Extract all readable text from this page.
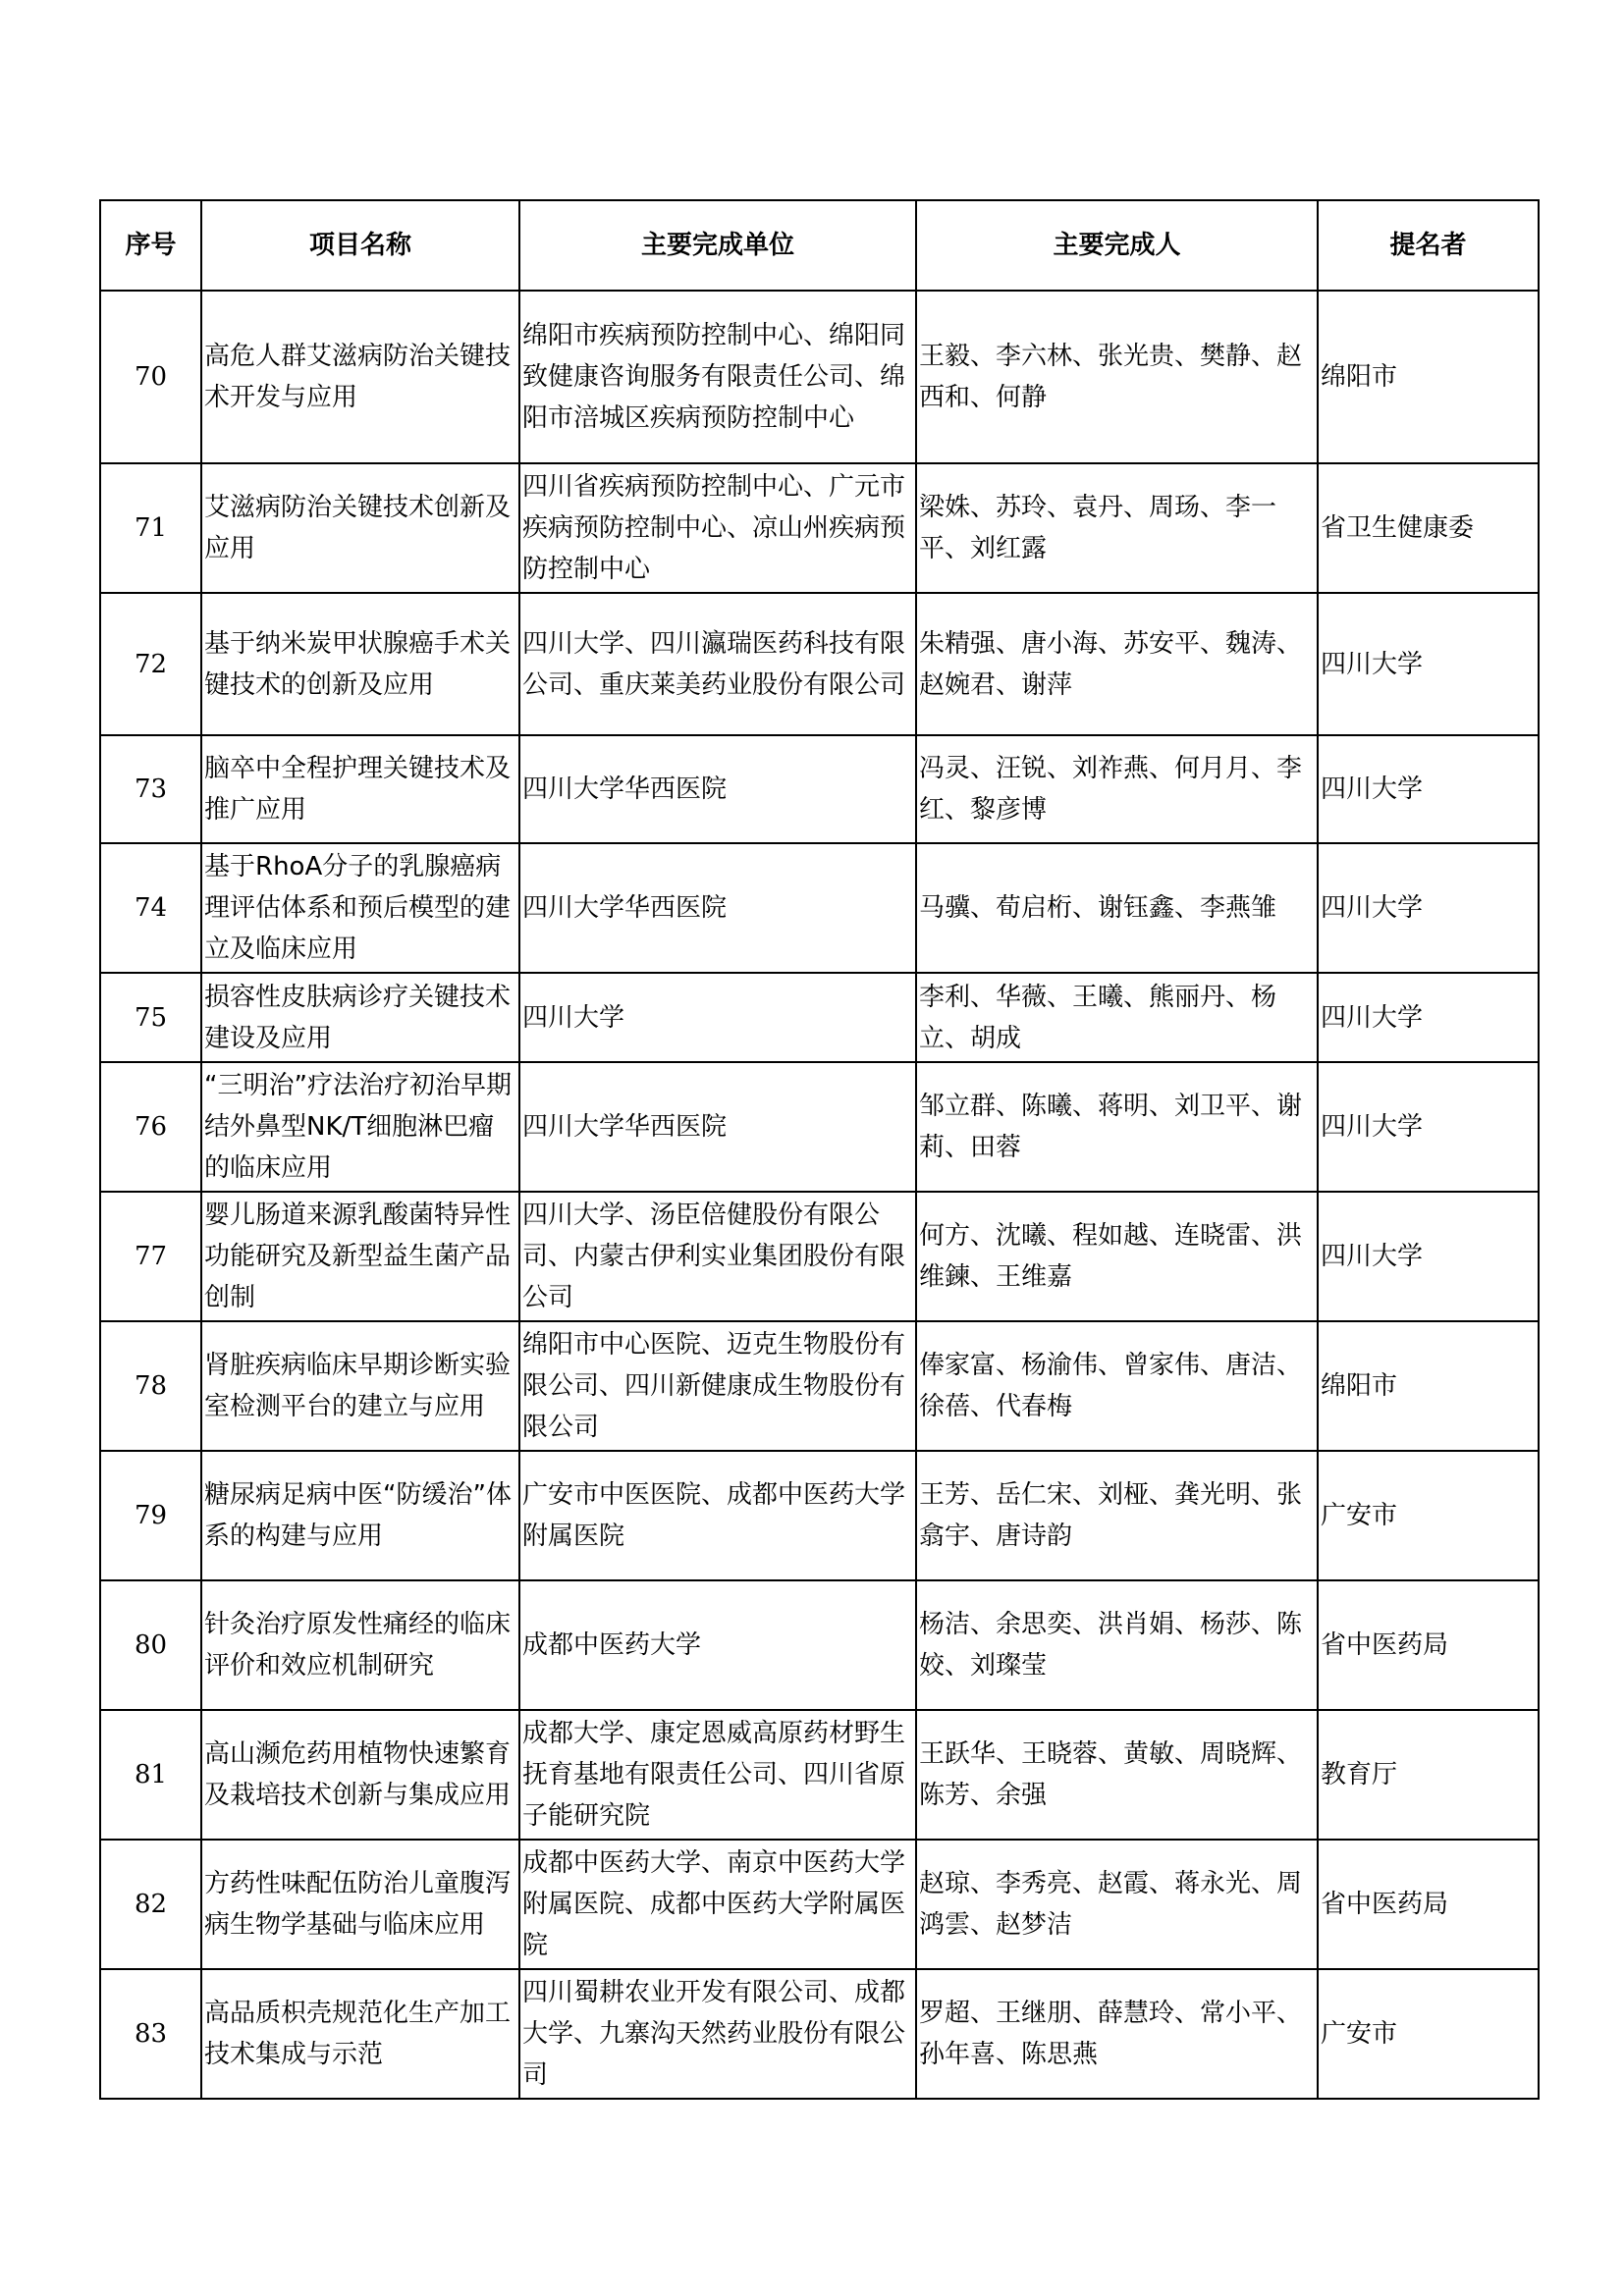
序号	项目名称	主要完成单位	主要完成人	提名者
70	高危人群艾滋病防治关键技术开发与应用	绵阳市疾病预防控制中心、绵阳同致健康咨询服务有限责任公司、绵阳市涪城区疾病预防控制中心	王毅、李六林、张光贵、樊静、赵西和、何静	绵阳市
71	艾滋病防治关键技术创新及应用	四川省疾病预防控制中心、广元市疾病预防控制中心、凉山州疾病预防控制中心	梁姝、苏玲、袁丹、周玚、李一平、刘红露	省卫生健康委
72	基于纳米炭甲状腺癌手术关键技术的创新及应用	四川大学、四川瀛瑞医药科技有限公司、重庆莱美药业股份有限公司	朱精强、唐小海、苏安平、魏涛、赵婉君、谢萍	四川大学
73	脑卒中全程护理关键技术及推广应用	四川大学华西医院	冯灵、汪锐、刘祚燕、何月月、李红、黎彦博	四川大学
74	基于RhoA分子的乳腺癌病理评估体系和预后模型的建立及临床应用	四川大学华西医院	马骥、荀启桁、谢钰鑫、李燕雏	四川大学
75	损容性皮肤病诊疗关键技术建设及应用	四川大学	李利、华薇、王曦、熊丽丹、杨立、胡成	四川大学
76	“三明治”疗法治疗初治早期结外鼻型NK/T细胞淋巴瘤的临床应用	四川大学华西医院	邹立群、陈曦、蒋明、刘卫平、谢莉、田蓉	四川大学
77	婴儿肠道来源乳酸菌特异性功能研究及新型益生菌产品创制	四川大学、汤臣倍健股份有限公司、内蒙古伊利实业集团股份有限公司	何方、沈曦、程如越、连晓雷、洪维鍊、王维嘉	四川大学
78	肾脏疾病临床早期诊断实验室检测平台的建立与应用	绵阳市中心医院、迈克生物股份有限公司、四川新健康成生物股份有限公司	俸家富、杨渝伟、曾家伟、唐洁、徐蓓、代春梅	绵阳市
79	糖尿病足病中医“防缓治”体系的构建与应用	广安市中医医院、成都中医药大学附属医院	王芳、岳仁宋、刘桠、龚光明、张翕宇、唐诗韵	广安市
80	针灸治疗原发性痛经的临床评价和效应机制研究	成都中医药大学	杨洁、余思奕、洪肖娟、杨莎、陈姣、刘璨莹	省中医药局
81	高山濒危药用植物快速繁育及栽培技术创新与集成应用	成都大学、康定恩威高原药材野生抚育基地有限责任公司、四川省原子能研究院	王跃华、王晓蓉、黄敏、周晓辉、陈芳、余强	教育厅
82	方药性味配伍防治儿童腹泻病生物学基础与临床应用	成都中医药大学、南京中医药大学附属医院、成都中医药大学附属医院	赵琼、李秀亮、赵霞、蒋永光、周鸿雲、赵梦洁	省中医药局
83	高品质枳壳规范化生产加工技术集成与示范	四川蜀耕农业开发有限公司、成都大学、九寨沟天然药业股份有限公司	罗超、王继朋、薛慧玲、常小平、孙年喜、陈思燕	广安市
